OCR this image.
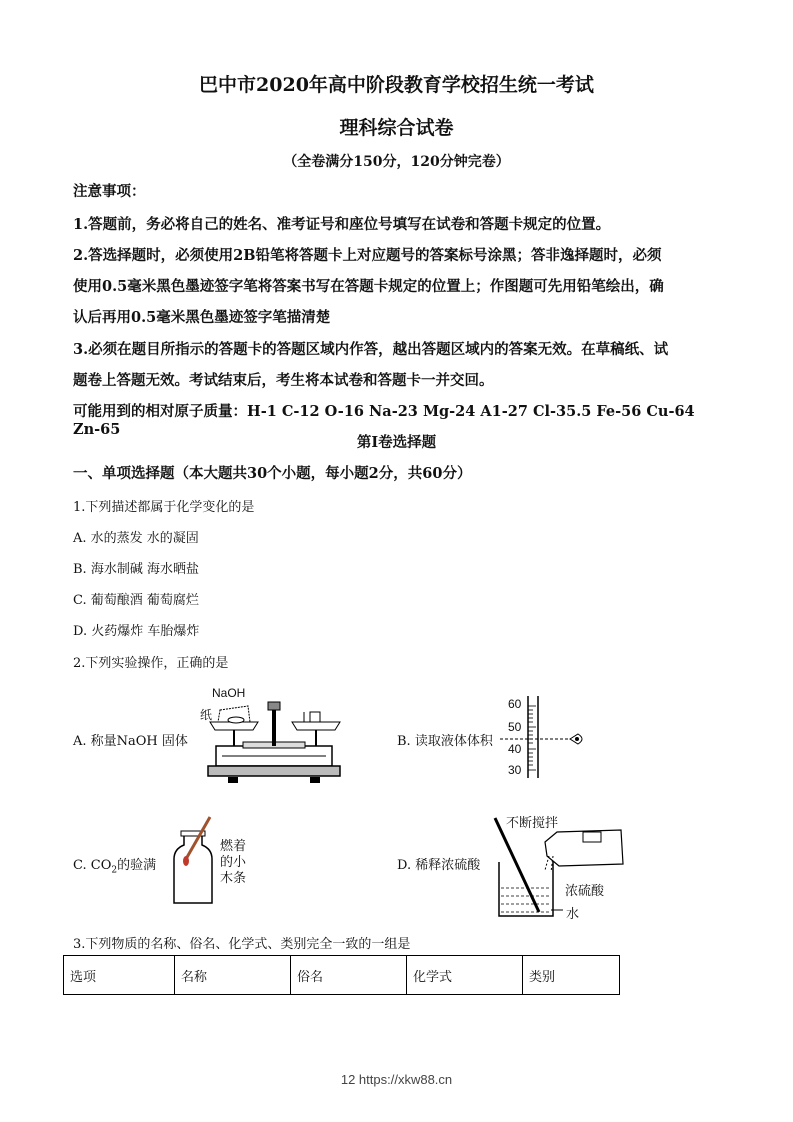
巴中市2020年高中阶段教育学校招生统一考试
理科综合试卷
（全卷满分150分，120分钟完卷）
注意事项：
1.答题前，务必将自己的姓名、准考证号和座位号填写在试卷和答题卡规定的位置。
2.答选择题时，必须使用2B铅笔将答题卡上对应题号的答案标号涂黑；答非逸择题时，必须
使用0.5毫米黑色墨迹签字笔将答案书写在答题卡规定的位置上；作图题可先用铅笔绘出，确
认后再用0.5毫米黑色墨迹签字笔描清楚
3.必须在题目所指示的答题卡的答题区域内作答，越出答题区域内的答案无效。在草稿纸、试
题卷上答题无效。考试结束后，考生将本试卷和答题卡一并交回。
可能用到的相对原子质量：H-1 C-12 O-16 Na-23 Mg-24 A1-27 Cl-35.5 Fe-56 Cu-64 Zn-65
第Ⅰ卷选择题
一、单项选择题（本大题共30个小题，每小题2分，共60分）
1.下列描述都属于化学变化的是
A. 水的蒸发 水的凝固
B. 海水制碱 海水晒盐
C. 葡萄酿酒 葡萄腐烂
D. 火药爆炸 车胎爆炸
2.下列实验操作，正确的是
A. 称量NaOH 固体
NaOH
纸
B. 读取液体体积
60
50
40
30
C. $CO_2$的验满
燃着
的小
木条
D. 稀释浓硫酸
不断搅拌
浓硫酸
水
3.下列物质的名称、俗名、化学式、类别完全一致的一组是
选项	名称	俗名	化学式	类别
12 https://xkw88.cn
